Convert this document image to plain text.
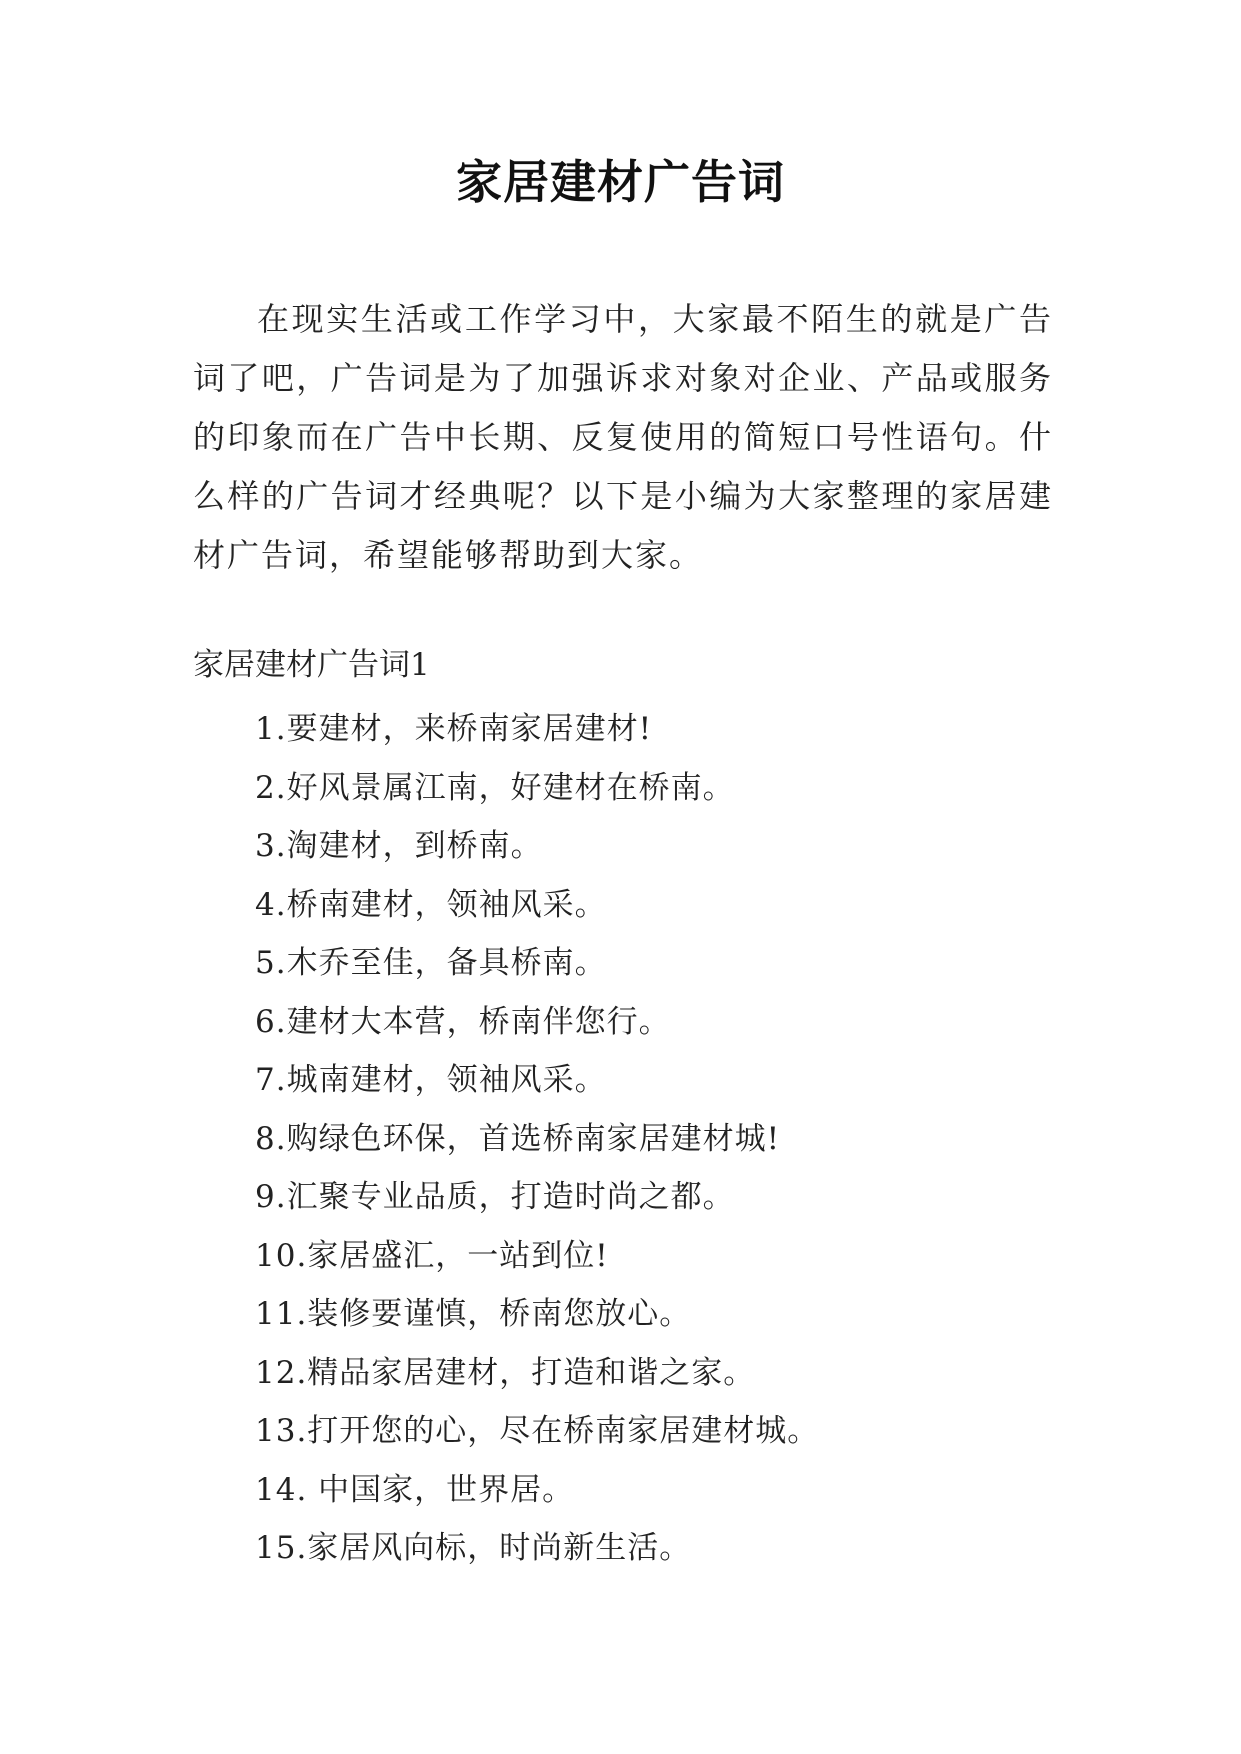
家居建材广告词

在现实生活或工作学习中，大家最不陌生的就是广告词了吧，广告词是为了加强诉求对象对企业、产品或服务的印象而在广告中长期、反复使用的简短口号性语句。什么样的广告词才经典呢？以下是小编为大家整理的家居建材广告词，希望能够帮助到大家。

家居建材广告词1

1.要建材，来桥南家居建材!
2.好风景属江南，好建材在桥南。
3.淘建材，到桥南。
4.桥南建材，领袖风采。
5.木乔至佳，备具桥南。
6.建材大本营，桥南伴您行。
7.城南建材，领袖风采。
8.购绿色环保，首选桥南家居建材城!
9.汇聚专业品质，打造时尚之都。
10.家居盛汇，一站到位!
11.装修要谨慎，桥南您放心。
12.精品家居建材，打造和谐之家。
13.打开您的心，尽在桥南家居建材城。
14. 中国家，世界居。
15.家居风向标，时尚新生活。
